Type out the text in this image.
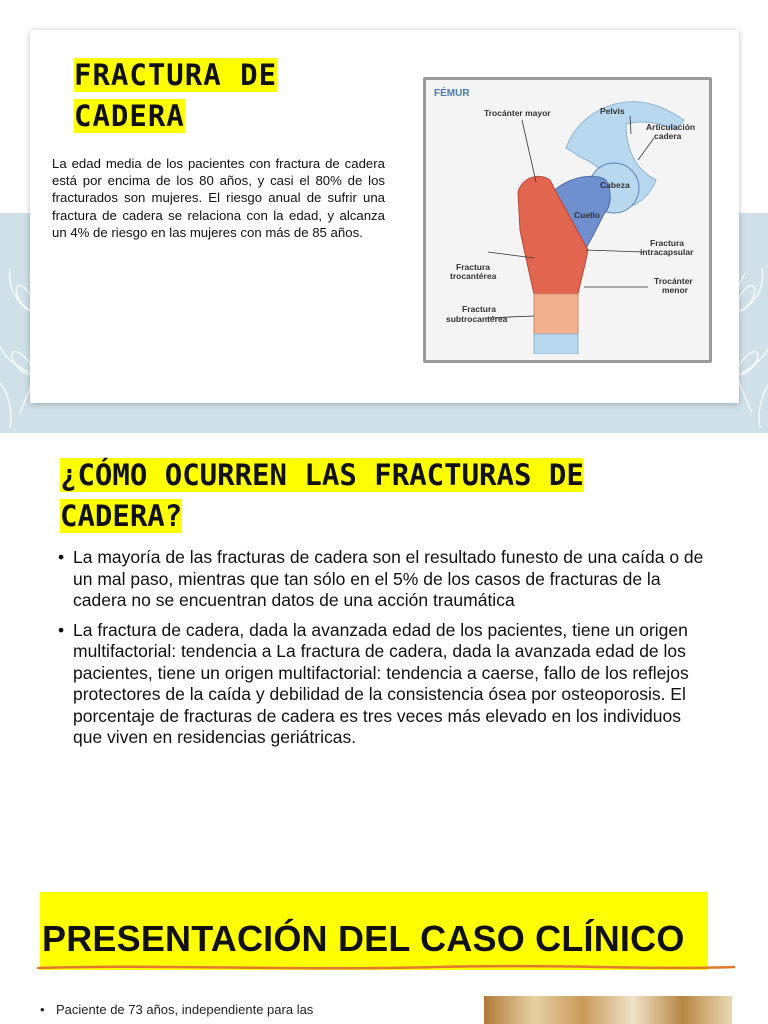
FRACTURA DE CADERA
La edad media de los pacientes con fractura de cadera está por encima de los 80 años, y casi el 80% de los fracturados son mujeres. El riesgo anual de sufrir una fractura de cadera se relaciona con la edad, y alcanza un 4% de riesgo en las mujeres con más de 85 años.
FÉMUR
Trocánter mayor	Pelvis
Articulación
cadera
Cabeza
Cuello
Fractura
intracapsular
Fractura
trocantérea	Trocánter
menor
Fractura
subtrocantérea
¿CÓMO OCURREN LAS FRACTURAS DE CADERA?
• La mayoría de las fracturas de cadera son el resultado funesto de una caída o de un mal paso, mientras que tan sólo en el 5% de los casos de fracturas de la cadera no se encuentran datos de una acción traumática
• La fractura de cadera, dada la avanzada edad de los pacientes, tiene un origen multifactorial: tendencia a La fractura de cadera, dada la avanzada edad de los pacientes, tiene un origen multifactorial: tendencia a caerse, fallo de los reflejos protectores de la caída y debilidad de la consistencia ósea por osteoporosis. El porcentaje de fracturas de cadera es tres veces más elevado en los individuos que viven en residencias geriátricas.
PRESENTACIÓN DEL CASO CLÍNICO
• Paciente de 73 años, independiente para las
